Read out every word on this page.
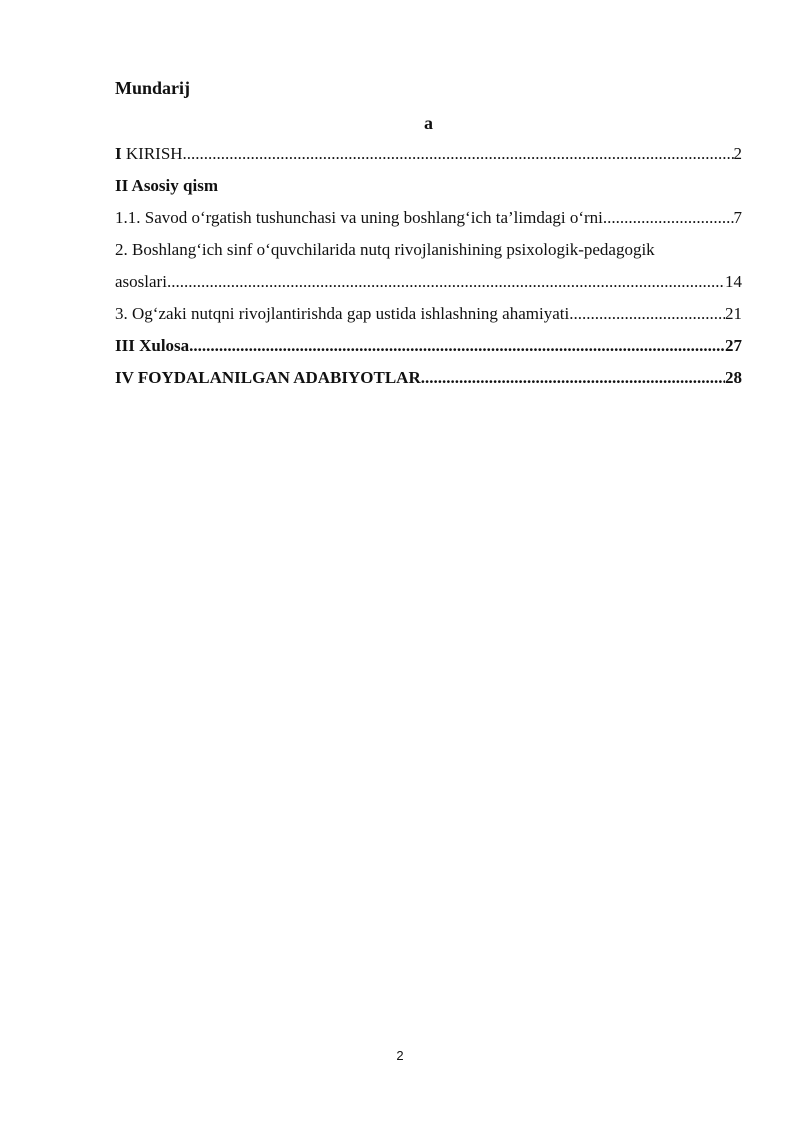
Mundarij
a
I KIRISH .....	2
II Asosiy qism
1.1. Savod o‘rgatish tushunchasi va uning boshlang‘ich ta’limdagi o‘rni .....	7
2. Boshlang‘ich sinf o‘quvchilarida nutq rivojlanishining psixologik-pedagogik
asoslari .....	14
3. Og‘zaki nutqni rivojlantirishda gap ustida ishlashning ahamiyati .....	21
III Xulosa .....	27
IV FOYDALANILGAN ADABIYOTLAR .....	28
2
